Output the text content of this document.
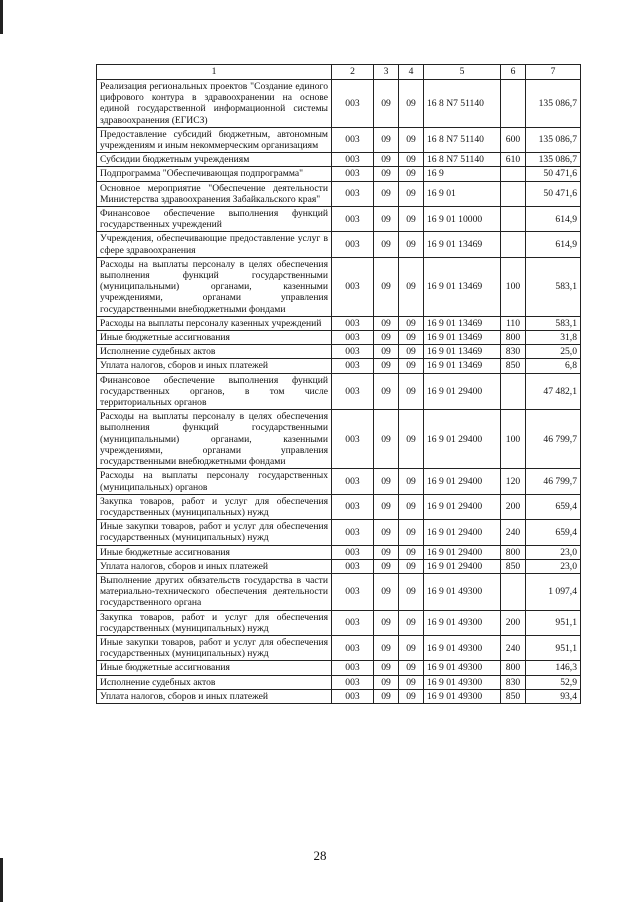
1	2	3	4	5	6	7
Реализация региональных проектов "Создание единого цифрового контура в здравоохранении на основе единой государственной информационной системы здравоохранения (ЕГИСЗ)	003	09	09	16 8 N7 51140		135 086,7
Предоставление субсидий бюджетным, автономным учреждениям и иным некоммерческим организациям	003	09	09	16 8 N7 51140	600	135 086,7
Субсидии бюджетным учреждениям	003	09	09	16 8 N7 51140	610	135 086,7
Подпрограмма "Обеспечивающая подпрограмма"	003	09	09	16 9		50 471,6
Основное мероприятие "Обеспечение деятельности Министерства здравоохранения Забайкальского края"	003	09	09	16 9 01		50 471,6
Финансовое обеспечение выполнения функций государственных учреждений	003	09	09	16 9 01 10000		614,9
Учреждения, обеспечивающие предоставление услуг в сфере здравоохранения	003	09	09	16 9 01 13469		614,9
Расходы на выплаты персоналу в целях обеспечения выполнения функций государственными (муниципальными) органами, казенными учреждениями, органами управления государственными внебюджетными фондами	003	09	09	16 9 01 13469	100	583,1
Расходы на выплаты персоналу казенных учреждений	003	09	09	16 9 01 13469	110	583,1
Иные бюджетные ассигнования	003	09	09	16 9 01 13469	800	31,8
Исполнение судебных актов	003	09	09	16 9 01 13469	830	25,0
Уплата налогов, сборов и иных платежей	003	09	09	16 9 01 13469	850	6,8
Финансовое обеспечение выполнения функций государственных органов, в том числе территориальных органов	003	09	09	16 9 01 29400		47 482,1
Расходы на выплаты персоналу в целях обеспечения выполнения функций государственными (муниципальными) органами, казенными учреждениями, органами управления государственными внебюджетными фондами	003	09	09	16 9 01 29400	100	46 799,7
Расходы на выплаты персоналу государственных (муниципальных) органов	003	09	09	16 9 01 29400	120	46 799,7
Закупка товаров, работ и услуг для обеспечения государственных (муниципальных) нужд	003	09	09	16 9 01 29400	200	659,4
Иные закупки товаров, работ и услуг для обеспечения государственных (муниципальных) нужд	003	09	09	16 9 01 29400	240	659,4
Иные бюджетные ассигнования	003	09	09	16 9 01 29400	800	23,0
Уплата налогов, сборов и иных платежей	003	09	09	16 9 01 29400	850	23,0
Выполнение других обязательств государства в части материально-технического обеспечения деятельности государственного органа	003	09	09	16 9 01 49300		1 097,4
Закупка товаров, работ и услуг для обеспечения государственных (муниципальных) нужд	003	09	09	16 9 01 49300	200	951,1
Иные закупки товаров, работ и услуг для обеспечения государственных (муниципальных) нужд	003	09	09	16 9 01 49300	240	951,1
Иные бюджетные ассигнования	003	09	09	16 9 01 49300	800	146,3
Исполнение судебных актов	003	09	09	16 9 01 49300	830	52,9
Уплата налогов, сборов и иных платежей	003	09	09	16 9 01 49300	850	93,4
28
